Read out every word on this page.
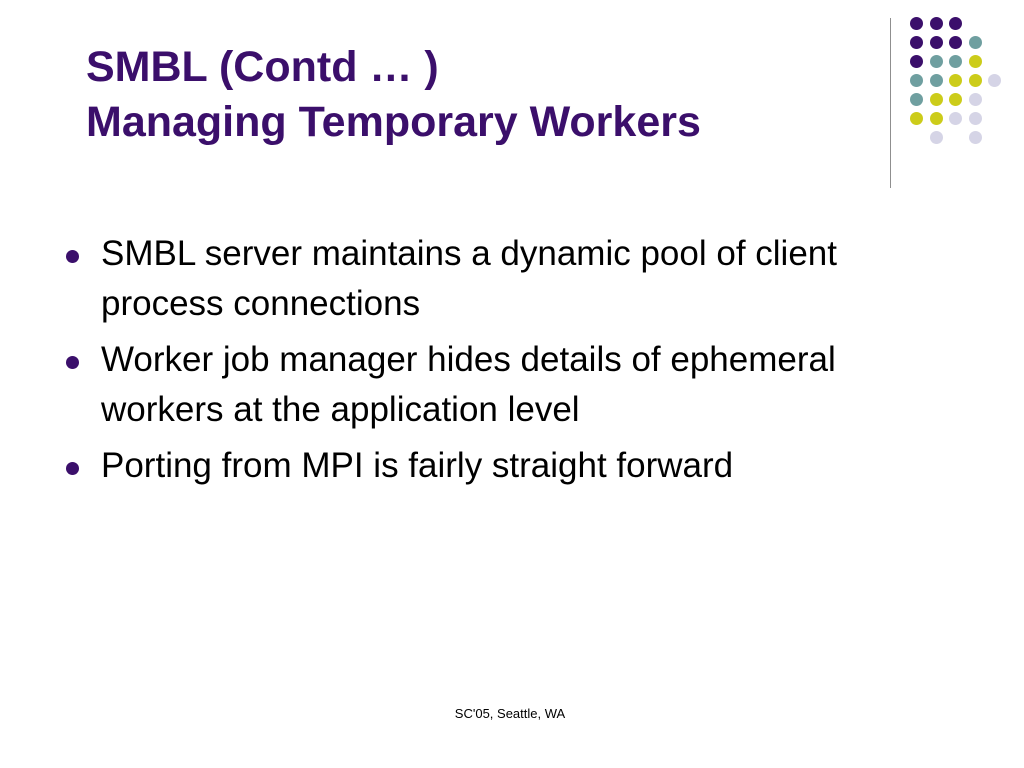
SMBL (Contd … )
Managing Temporary Workers
SMBL server maintains a dynamic pool of client process connections
Worker job manager hides details of ephemeral workers at the application level
Porting from MPI is fairly straight forward
SC'05, Seattle, WA
